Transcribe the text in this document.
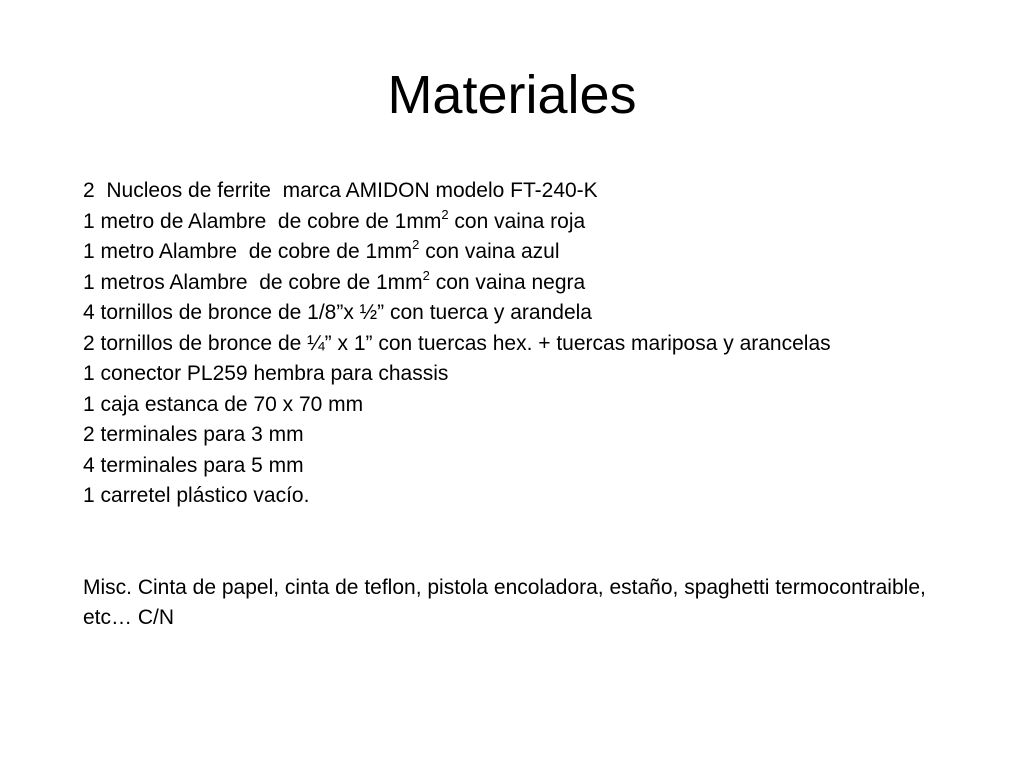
Materiales

2  Nucleos de ferrite  marca AMIDON modelo FT-240-K

1 metro de Alambre  de cobre de $1mm^2$ con vaina roja

1 metro Alambre  de cobre de $1mm^2$ con vaina azul

1 metros Alambre  de cobre de $1mm^2$ con vaina negra

4 tornillos de bronce de 1/8”x ½” con tuerca y arandela

2 tornillos de bronce de ¼” x 1” con tuercas hex. + tuercas mariposa y arancelas

1 conector PL259 hembra para chassis

1 caja estanca de 70 x 70 mm

2 terminales para 3 mm

4 terminales para 5 mm

1 carretel plástico vacío.

Misc. Cinta de papel, cinta de teflon, pistola encoladora, estaño, spaghetti termocontraible, etc… C/N
